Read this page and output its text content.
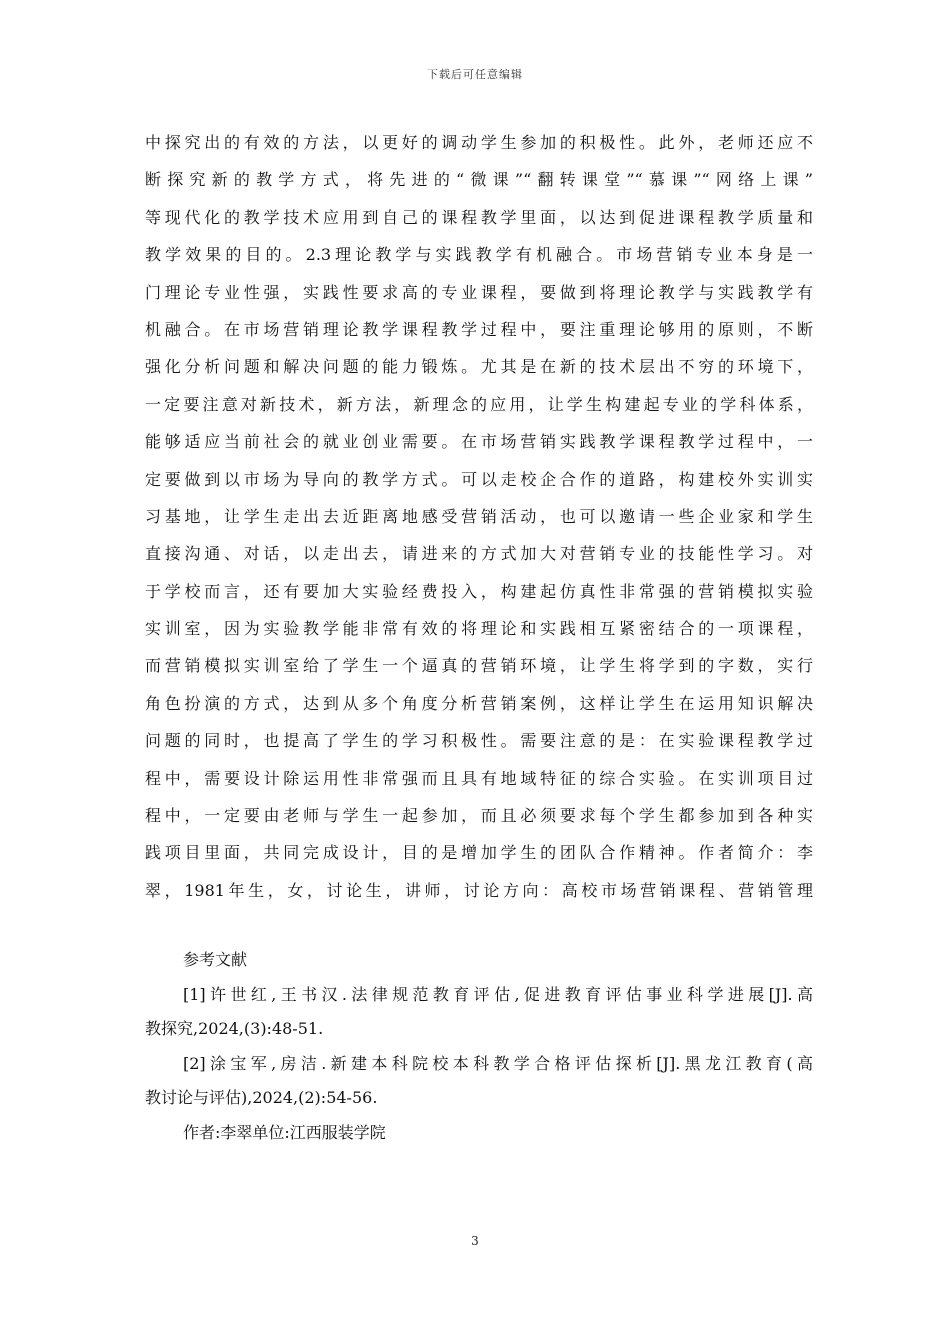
下载后可任意编辑
中探究出的有效的方法，以更好的调动学生参加的积极性。此外，老师还应不
断探究新的教学方式，将先进的“微课”“翻转课堂”“慕课”“网络上课”
等现代化的教学技术应用到自己的课程教学里面，以达到促进课程教学质量和
教学效果的目的。2.3理论教学与实践教学有机融合。市场营销专业本身是一
门理论专业性强，实践性要求高的专业课程，要做到将理论教学与实践教学有
机融合。在市场营销理论教学课程教学过程中，要注重理论够用的原则，不断
强化分析问题和解决问题的能力锻炼。尤其是在新的技术层出不穷的环境下，
一定要注意对新技术，新方法，新理念的应用，让学生构建起专业的学科体系，
能够适应当前社会的就业创业需要。在市场营销实践教学课程教学过程中，一
定要做到以市场为导向的教学方式。可以走校企合作的道路，构建校外实训实
习基地，让学生走出去近距离地感受营销活动，也可以邀请一些企业家和学生
直接沟通、对话，以走出去，请进来的方式加大对营销专业的技能性学习。对
于学校而言，还有要加大实验经费投入，构建起仿真性非常强的营销模拟实验
实训室，因为实验教学能非常有效的将理论和实践相互紧密结合的一项课程，
而营销模拟实训室给了学生一个逼真的营销环境，让学生将学到的字数，实行
角色扮演的方式，达到从多个角度分析营销案例，这样让学生在运用知识解决
问题的同时，也提高了学生的学习积极性。需要注意的是：在实验课程教学过
程中，需要设计除运用性非常强而且具有地域特征的综合实验。在实训项目过
程中，一定要由老师与学生一起参加，而且必须要求每个学生都参加到各种实
践项目里面，共同完成设计，目的是增加学生的团队合作精神。作者简介：李
翠，1981年生，女，讨论生，讲师，讨论方向：高校市场营销课程、营销管理
参考文献
[1]许世红,王书汉.法律规范教育评估,促进教育评估事业科学进展[J].高
教探究,2024,(3):48-51.
[2]涂宝军,房洁.新建本科院校本科教学合格评估探析[J].黑龙江教育(高
教讨论与评估),2024,(2):54-56.
作者:李翠单位:江西服装学院
3
